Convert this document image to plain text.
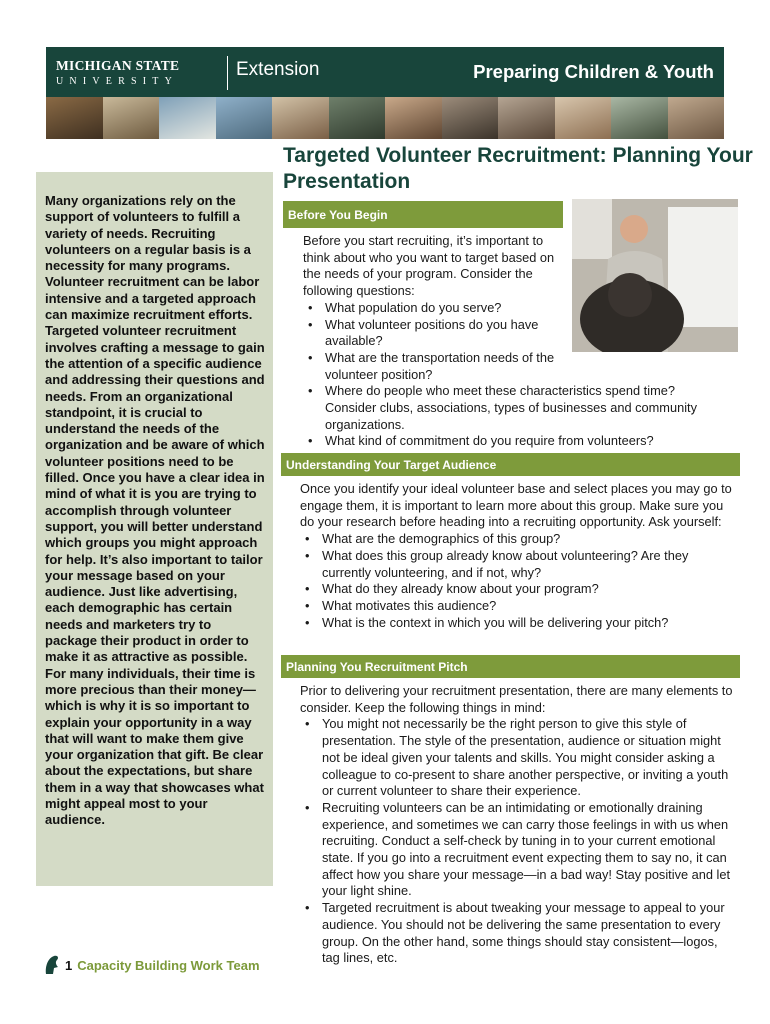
MICHIGAN STATE
UNIVERSITY
Extension	Preparing Children & Youth
Targeted Volunteer Recruitment: Planning Your Presentation

Many organizations rely on the support of volunteers to fulfill a variety of needs. Recruiting volunteers on a regular basis is a necessity for many programs. Volunteer recruitment can be labor intensive and a targeted approach can maximize recruitment efforts. Targeted volunteer recruitment involves crafting a message to gain the attention of a specific audience and addressing their questions and needs. From an organizational standpoint, it is crucial to understand the needs of the organization and be aware of which volunteer positions need to be filled. Once you have a clear idea in mind of what it is you are trying to accomplish through volunteer support, you will better understand which groups you might approach for help. It’s also important to tailor your message based on your audience. Just like advertising, each demographic has certain needs and marketers try to package their product in order to make it as attractive as possible. For many individuals, their time is more precious than their money—which is why it is so important to explain your opportunity in a way that will want to make them give your organization that gift. Be clear about the expectations, but share them in a way that showcases what might appeal most to your audience.

Before You Begin

Before you start recruiting, it’s important to think about who you want to target based on the needs of your program. Consider the following questions:

• What population do you serve?
• What volunteer positions do you have available?
• What are the transportation needs of the volunteer position?
• Where do people who meet these characteristics spend time? Consider clubs, associations, types of businesses and community organizations.
• What kind of commitment do you require from volunteers?
Understanding Your Target Audience

Once you identify your ideal volunteer base and select places you may go to engage them, it is important to learn more about this group. Make sure you do your research before heading into a recruiting opportunity. Ask yourself:

• What are the demographics of this group?
• What does this group already know about volunteering? Are they currently volunteering, and if not, why?
• What do they already know about your program?
• What motivates this audience?
• What is the context in which you will be delivering your pitch?
Planning You Recruitment Pitch

Prior to delivering your recruitment presentation, there are many elements to consider. Keep the following things in mind:

• You might not necessarily be the right person to give this style of presentation. The style of the presentation, audience or situation might not be ideal given your talents and skills. You might consider asking a colleague to co-present to share another perspective, or inviting a youth or current volunteer to share their experience.
• Recruiting volunteers can be an intimidating or emotionally draining experience, and sometimes we can carry those feelings in with us when recruiting. Conduct a self-check by tuning in to your current emotional state. If you go into a recruitment event expecting them to say no, it can affect how you share your message—in a bad way! Stay positive and let your light shine.
• Targeted recruitment is about tweaking your message to appeal to your audience. You should not be delivering the same presentation to every group. On the other hand, some things should stay consistent—logos, tag lines, etc.
1 Capacity Building Work Team
